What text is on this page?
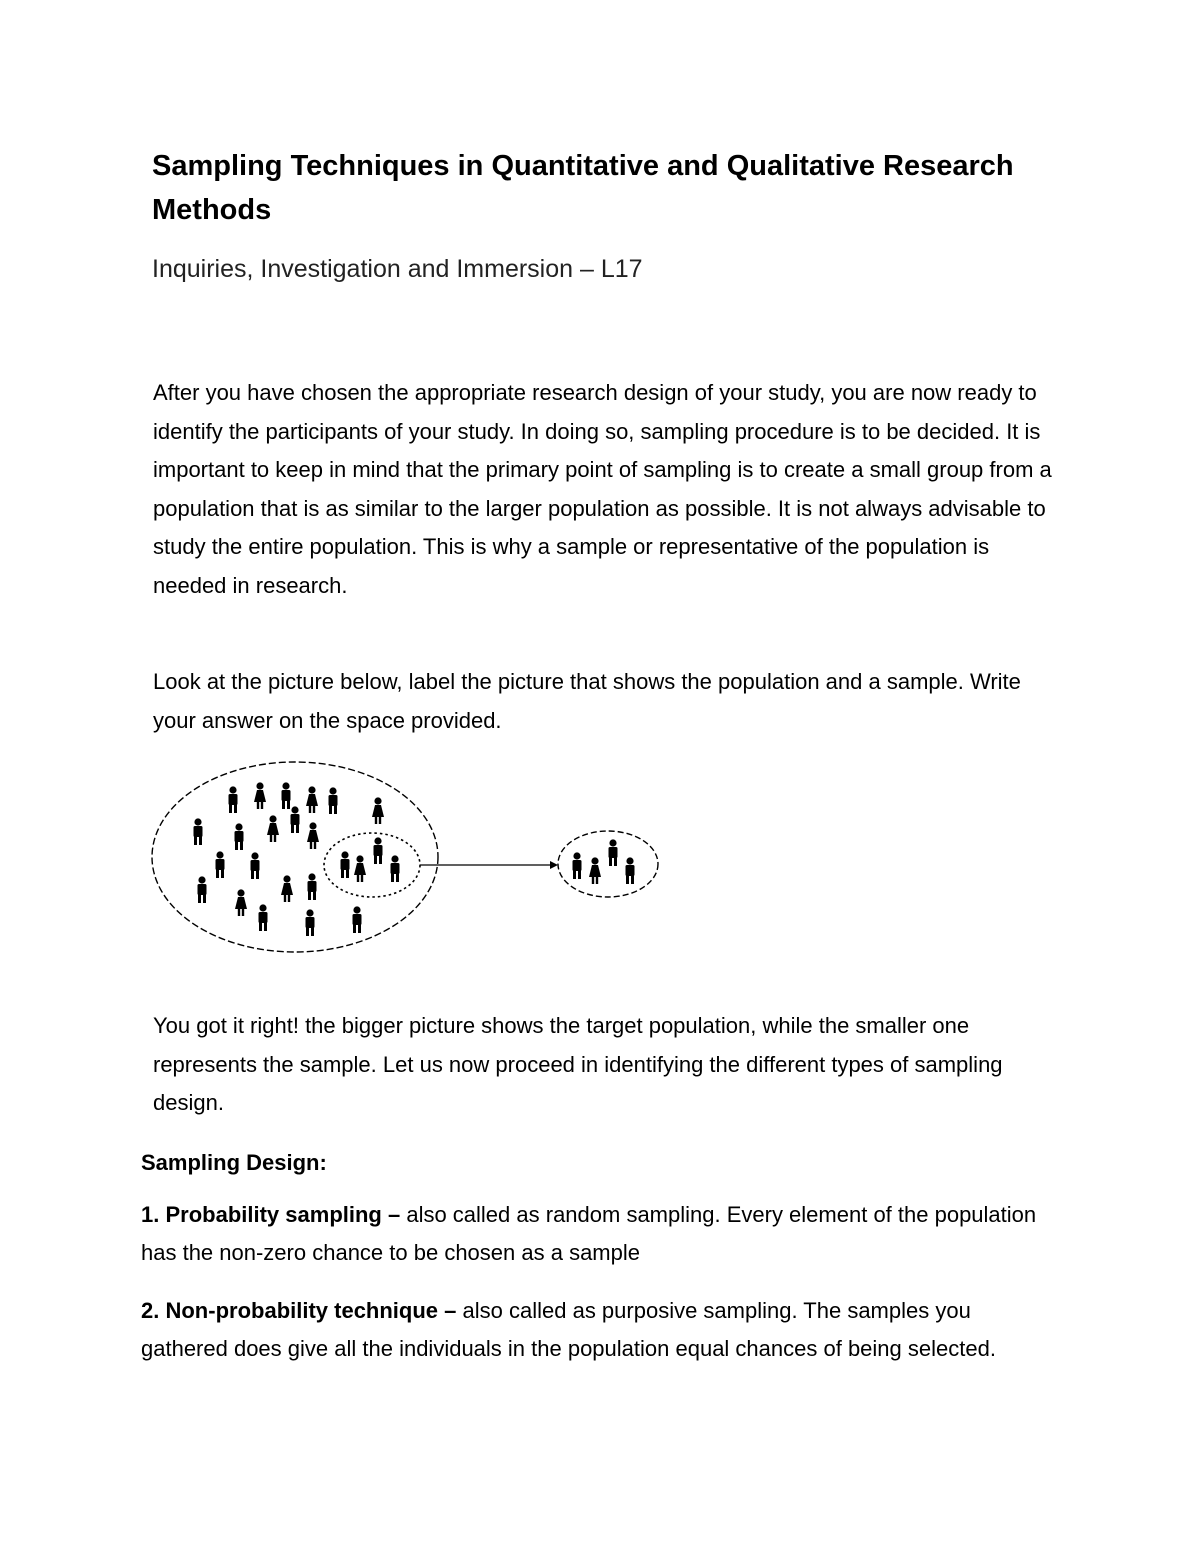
Sampling Techniques in Quantitative and Qualitative Research Methods

Inquiries, Investigation and Immersion – L17

After you have chosen the appropriate research design of your study, you are now ready to identify the participants of your study. In doing so, sampling procedure is to be decided. It is important to keep in mind that the primary point of sampling is to create a small group from a population that is as similar to the larger population as possible. It is not always advisable to study the entire population. This is why a sample or representative of the population is needed in research.

Look at the picture below, label the picture that shows the population and a sample. Write your answer on the space provided.

You got it right! the bigger picture shows the target population, while the smaller one represents the sample. Let us now proceed in identifying the different types of sampling design.

Sampling Design:

1. Probability sampling – also called as random sampling. Every element of the population has the non-zero chance to be chosen as a sample

2. Non-probability technique – also called as purposive sampling. The samples you gathered does give all the individuals in the population equal chances of being selected.
